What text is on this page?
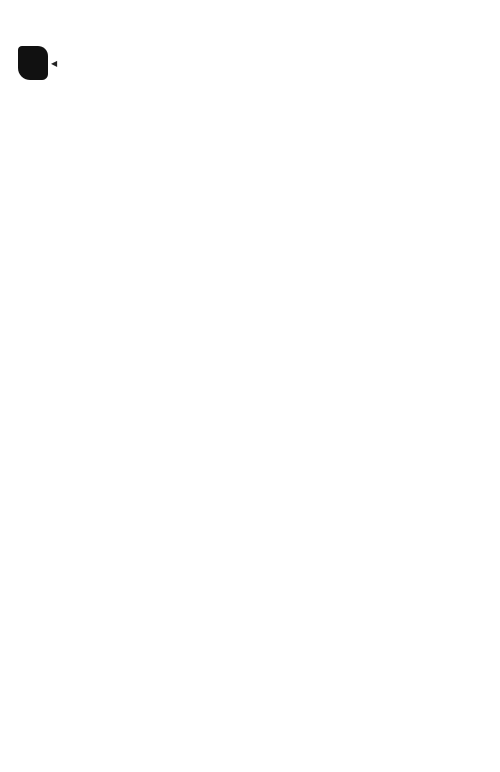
◀
